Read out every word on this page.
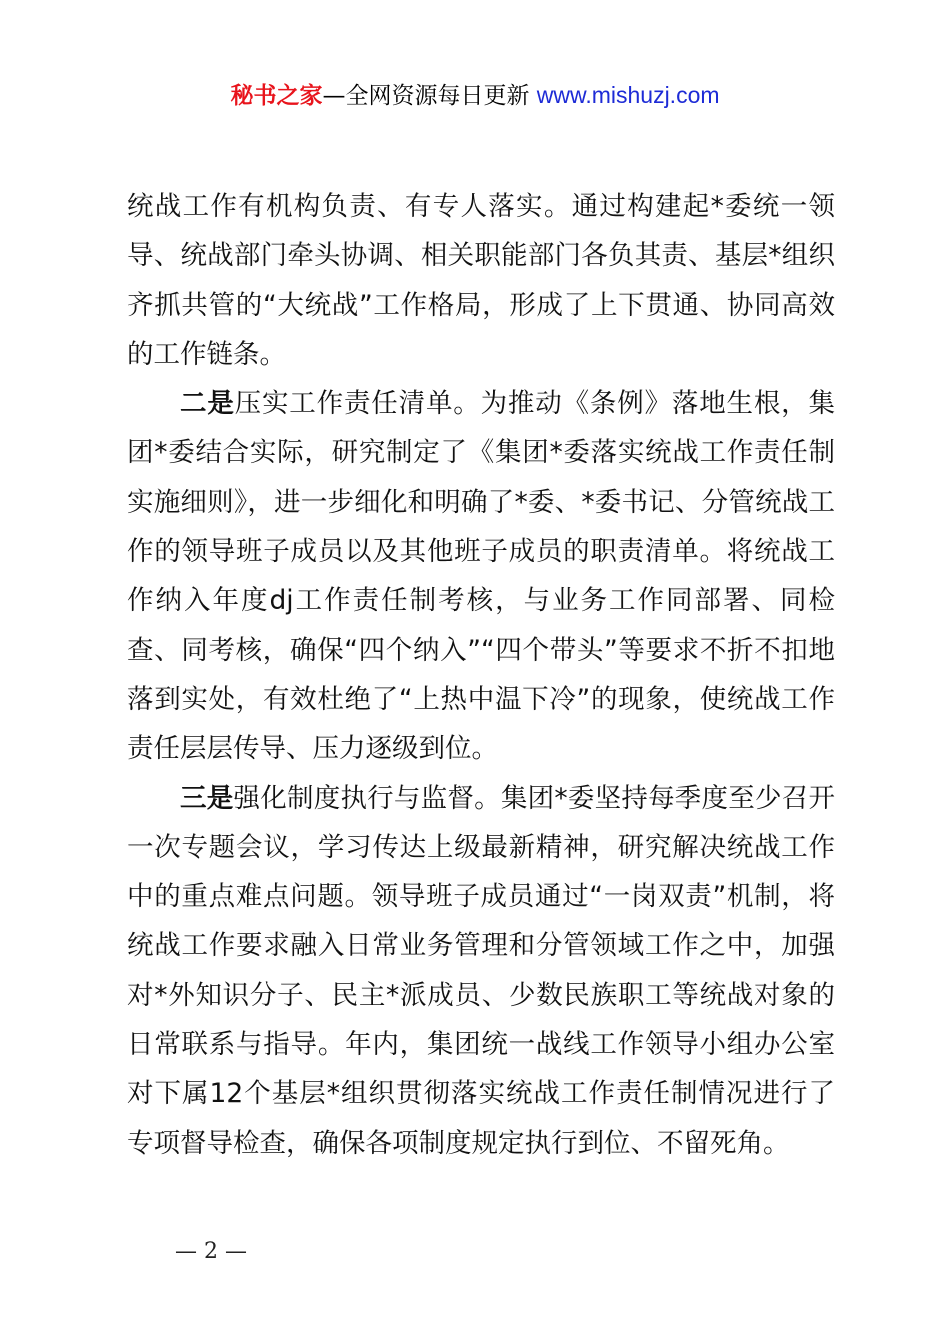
秘书之家—全网资源每日更新 www.mishuzj.com

统战工作有机构负责、有专人落实。通过构建起*委统一领导、统战部门牵头协调、相关职能部门各负其责、基层*组织齐抓共管的“大统战”工作格局，形成了上下贯通、协同高效的工作链条。

二是压实工作责任清单。为推动《条例》落地生根，集团*委结合实际，研究制定了《集团*委落实统战工作责任制实施细则》，进一步细化和明确了*委、*委书记、分管统战工作的领导班子成员以及其他班子成员的职责清单。将统战工作纳入年度dj工作责任制考核，与业务工作同部署、同检查、同考核，确保“四个纳入”“四个带头”等要求不折不扣地落到实处，有效杜绝了“上热中温下冷”的现象，使统战工作责任层层传导、压力逐级到位。

三是强化制度执行与监督。集团*委坚持每季度至少召开一次专题会议，学习传达上级最新精神，研究解决统战工作中的重点难点问题。领导班子成员通过“一岗双责”机制，将统战工作要求融入日常业务管理和分管领域工作之中，加强对*外知识分子、民主*派成员、少数民族职工等统战对象的日常联系与指导。年内，集团统一战线工作领导小组办公室对下属12个基层*组织贯彻落实统战工作责任制情况进行了专项督导检查，确保各项制度规定执行到位、不留死角。

— 2 —
